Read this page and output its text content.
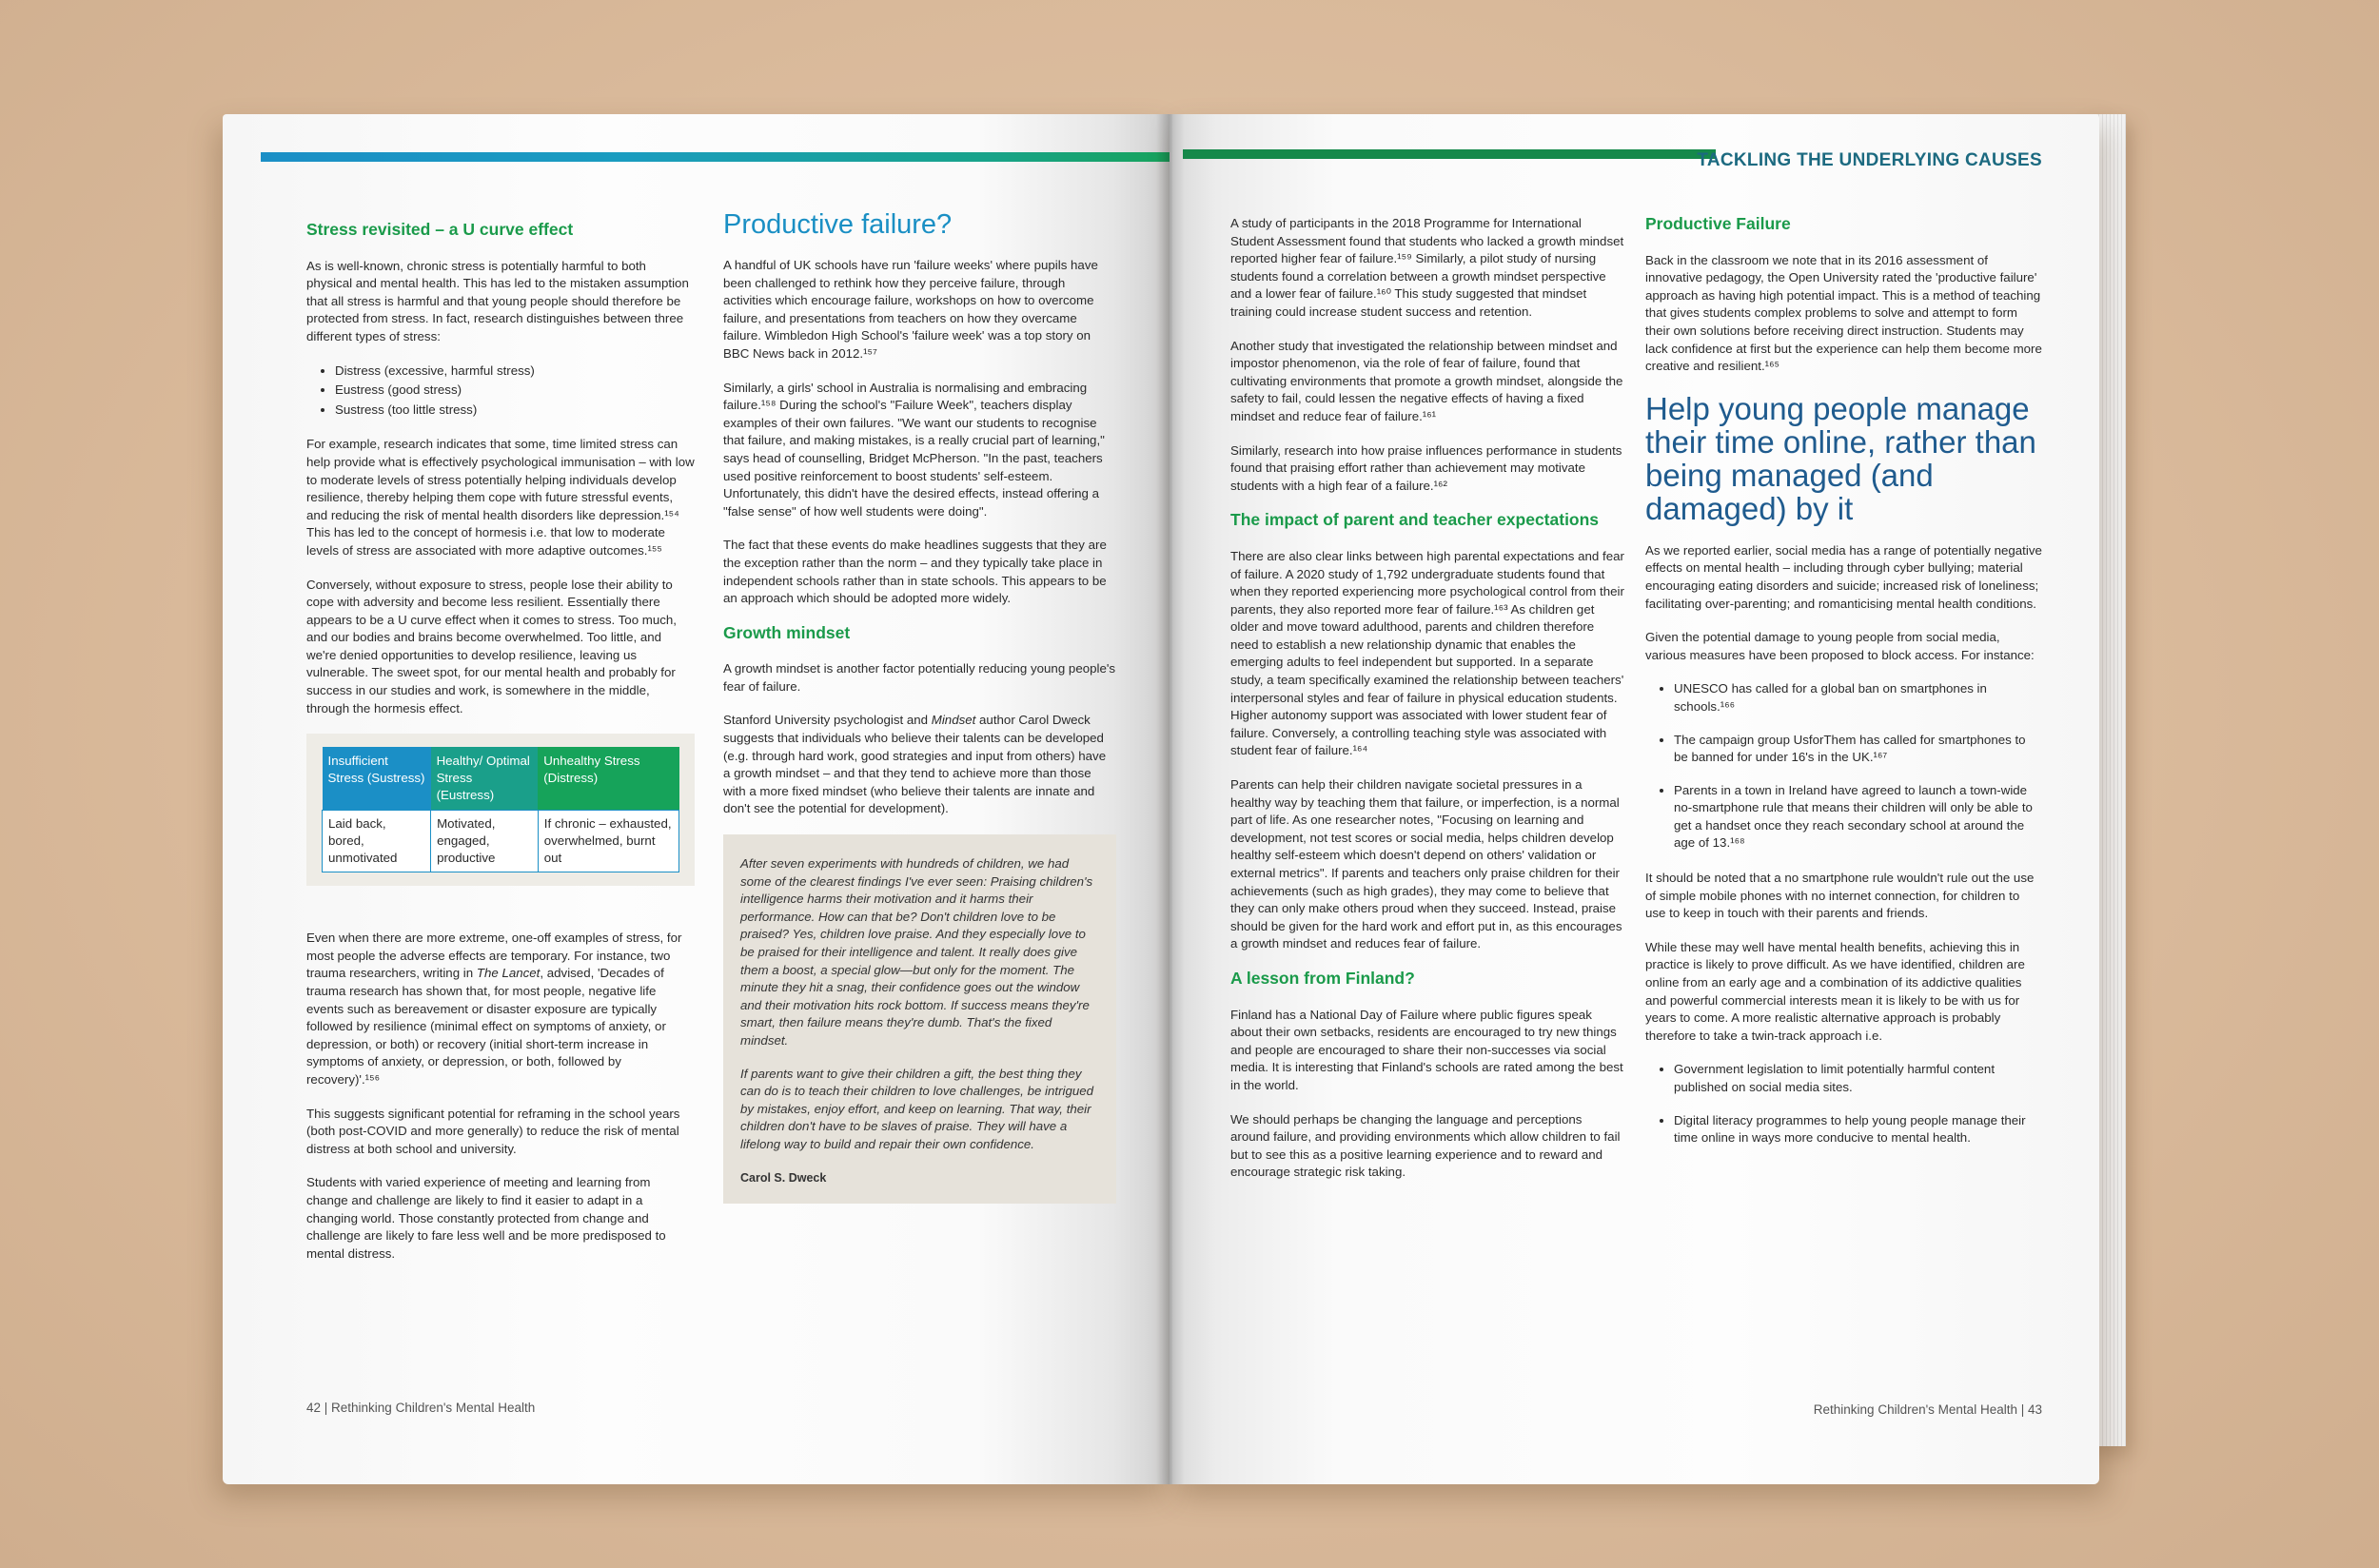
Stress revisited – a U curve effect

As is well-known, chronic stress is potentially harmful to both physical and mental health. This has led to the mistaken assumption that all stress is harmful and that young people should therefore be protected from stress. In fact, research distinguishes between three different types of stress:

• Distress (excessive, harmful stress)
• Eustress (good stress)
• Sustress (too little stress)

For example, research indicates that some, time limited stress can help provide what is effectively psychological immunisation – with low to moderate levels of stress potentially helping individuals develop resilience, thereby helping them cope with future stressful events, and reducing the risk of mental health disorders like depression.¹⁵⁴ This has led to the concept of hormesis i.e. that low to moderate levels of stress are associated with more adaptive outcomes.¹⁵⁵

Conversely, without exposure to stress, people lose their ability to cope with adversity and become less resilient. Essentially there appears to be a U curve effect when it comes to stress. Too much, and our bodies and brains become overwhelmed. Too little, and we're denied opportunities to develop resilience, leaving us vulnerable. The sweet spot, for our mental health and probably for success in our studies and work, is somewhere in the middle, through the hormesis effect.

Insufficient Stress (Sustress)	Healthy/ Optimal Stress (Eustress)	Unhealthy Stress (Distress)
Laid back, bored, unmotivated	Motivated, engaged, productive	If chronic – exhausted, overwhelmed, burnt out

Even when there are more extreme, one-off examples of stress, for most people the adverse effects are temporary. For instance, two trauma researchers, writing in The Lancet, advised, 'Decades of trauma research has shown that, for most people, negative life events such as bereavement or disaster exposure are typically followed by resilience (minimal effect on symptoms of anxiety, or depression, or both) or recovery (initial short-term increase in symptoms of anxiety, or depression, or both, followed by recovery)'.¹⁵⁶

This suggests significant potential for reframing in the school years (both post-COVID and more generally) to reduce the risk of mental distress at both school and university.

Students with varied experience of meeting and learning from change and challenge are likely to find it easier to adapt in a changing world. Those constantly protected from change and challenge are likely to fare less well and be more predisposed to mental distress.

Productive failure?

A handful of UK schools have run 'failure weeks' where pupils have been challenged to rethink how they perceive failure, through activities which encourage failure, workshops on how to overcome failure, and presentations from teachers on how they overcame failure. Wimbledon High School's 'failure week' was a top story on BBC News back in 2012.¹⁵⁷

Similarly, a girls' school in Australia is normalising and embracing failure.¹⁵⁸ During the school's "Failure Week", teachers display examples of their own failures. "We want our students to recognise that failure, and making mistakes, is a really crucial part of learning," says head of counselling, Bridget McPherson. "In the past, teachers used positive reinforcement to boost students' self-esteem. Unfortunately, this didn't have the desired effects, instead offering a "false sense" of how well students were doing".

The fact that these events do make headlines suggests that they are the exception rather than the norm – and they typically take place in independent schools rather than in state schools. This appears to be an approach which should be adopted more widely.

Growth mindset

A growth mindset is another factor potentially reducing young people's fear of failure.

Stanford University psychologist and Mindset author Carol Dweck suggests that individuals who believe their talents can be developed (e.g. through hard work, good strategies and input from others) have a growth mindset – and that they tend to achieve more than those with a more fixed mindset (who believe their talents are innate and don't see the potential for development).

After seven experiments with hundreds of children, we had some of the clearest findings I've ever seen: Praising children's intelligence harms their motivation and it harms their performance. How can that be? Don't children love to be praised? Yes, children love praise. And they especially love to be praised for their intelligence and talent. It really does give them a boost, a special glow—but only for the moment. The minute they hit a snag, their confidence goes out the window and their motivation hits rock bottom. If success means they're smart, then failure means they're dumb. That's the fixed mindset.

If parents want to give their children a gift, the best thing they can do is to teach their children to love challenges, be intrigued by mistakes, enjoy effort, and keep on learning. That way, their children don't have to be slaves of praise. They will have a lifelong way to build and repair their own confidence.

Carol S. Dweck
42 | Rethinking Children's Mental Health
TACKLING THE UNDERLYING CAUSES

A study of participants in the 2018 Programme for International Student Assessment found that students who lacked a growth mindset reported higher fear of failure.¹⁵⁹ Similarly, a pilot study of nursing students found a correlation between a growth mindset perspective and a lower fear of failure.¹⁶⁰ This study suggested that mindset training could increase student success and retention.

Another study that investigated the relationship between mindset and impostor phenomenon, via the role of fear of failure, found that cultivating environments that promote a growth mindset, alongside the safety to fail, could lessen the negative effects of having a fixed mindset and reduce fear of failure.¹⁶¹

Similarly, research into how praise influences performance in students found that praising effort rather than achievement may motivate students with a high fear of a failure.¹⁶²

The impact of parent and teacher expectations

There are also clear links between high parental expectations and fear of failure. A 2020 study of 1,792 undergraduate students found that when they reported experiencing more psychological control from their parents, they also reported more fear of failure.¹⁶³ As children get older and move toward adulthood, parents and children therefore need to establish a new relationship dynamic that enables the emerging adults to feel independent but supported. In a separate study, a team specifically examined the relationship between teachers' interpersonal styles and fear of failure in physical education students. Higher autonomy support was associated with lower student fear of failure. Conversely, a controlling teaching style was associated with student fear of failure.¹⁶⁴

Parents can help their children navigate societal pressures in a healthy way by teaching them that failure, or imperfection, is a normal part of life. As one researcher notes, "Focusing on learning and development, not test scores or social media, helps children develop healthy self-esteem which doesn't depend on others' validation or external metrics". If parents and teachers only praise children for their achievements (such as high grades), they may come to believe that they can only make others proud when they succeed. Instead, praise should be given for the hard work and effort put in, as this encourages a growth mindset and reduces fear of failure.

A lesson from Finland?

Finland has a National Day of Failure where public figures speak about their own setbacks, residents are encouraged to try new things and people are encouraged to share their non-successes via social media. It is interesting that Finland's schools are rated among the best in the world.

We should perhaps be changing the language and perceptions around failure, and providing environments which allow children to fail but to see this as a positive learning experience and to reward and encourage strategic risk taking.

Productive Failure

Back in the classroom we note that in its 2016 assessment of innovative pedagogy, the Open University rated the 'productive failure' approach as having high potential impact. This is a method of teaching that gives students complex problems to solve and attempt to form their own solutions before receiving direct instruction. Students may lack confidence at first but the experience can help them become more creative and resilient.¹⁶⁵

Help young people manage their time online, rather than being managed (and damaged) by it

As we reported earlier, social media has a range of potentially negative effects on mental health – including through cyber bullying; material encouraging eating disorders and suicide; increased risk of loneliness; facilitating over-parenting; and romanticising mental health conditions.

Given the potential damage to young people from social media, various measures have been proposed to block access. For instance:

• UNESCO has called for a global ban on smartphones in schools.¹⁶⁶
• The campaign group UsforThem has called for smartphones to be banned for under 16's in the UK.¹⁶⁷
• Parents in a town in Ireland have agreed to launch a town-wide no-smartphone rule that means their children will only be able to get a handset once they reach secondary school at around the age of 13.¹⁶⁸

It should be noted that a no smartphone rule wouldn't rule out the use of simple mobile phones with no internet connection, for children to use to keep in touch with their parents and friends.

While these may well have mental health benefits, achieving this in practice is likely to prove difficult. As we have identified, children are online from an early age and a combination of its addictive qualities and powerful commercial interests mean it is likely to be with us for years to come. A more realistic alternative approach is probably therefore to take a twin-track approach i.e.

• Government legislation to limit potentially harmful content published on social media sites.
• Digital literacy programmes to help young people manage their time online in ways more conducive to mental health.
Rethinking Children's Mental Health | 43
